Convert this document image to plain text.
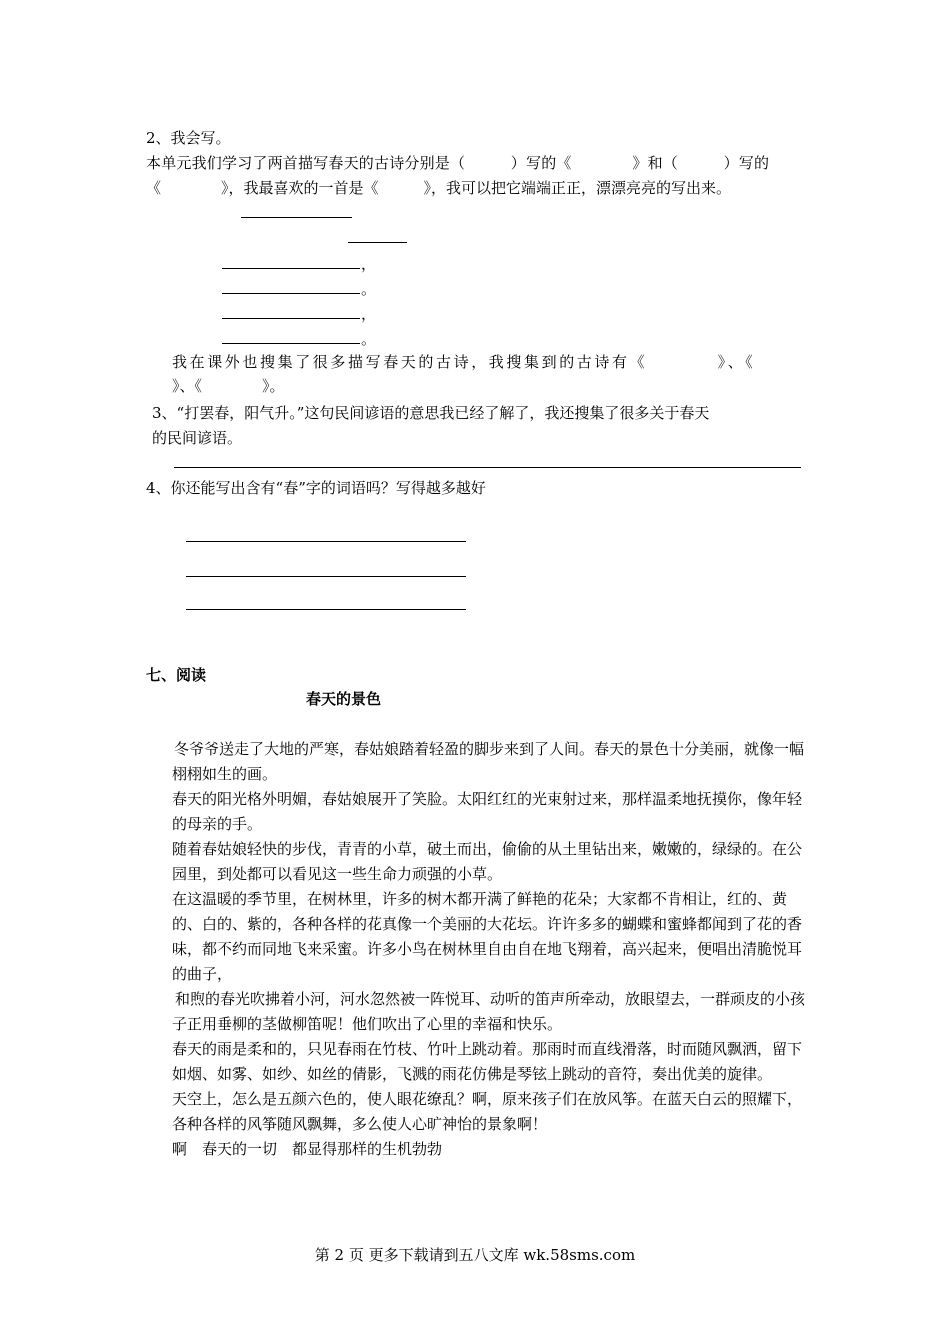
2、我会写。
本单元我们学习了两首描写春天的古诗分别是（　　　）写的《　　　　》和（　　　）写的
《　　　　》，我最喜欢的一首是《　　　》，我可以把它端端正正，漂漂亮亮的写出来。
，
。
，
。
我在课外也搜集了很多描写春天的古诗，我搜集到的古诗有《　　　　》、《
》、《　　　　》。
3、“打罢春，阳气升。”这句民间谚语的意思我已经了解了，我还搜集了很多关于春天
的民间谚语。
4、你还能写出含有“春”字的词语吗？写得越多越好
七、阅读
春天的景色

冬爷爷送走了大地的严寒，春姑娘踏着轻盈的脚步来到了人间。春天的景色十分美丽，就像一幅栩栩如生的画。

春天的阳光格外明媚，春姑娘展开了笑脸。太阳红红的光束射过来，那样温柔地抚摸你，像年轻的母亲的手。

随着春姑娘轻快的步伐，青青的小草，破土而出，偷偷的从土里钻出来，嫩嫩的，绿绿的。在公园里，到处都可以看见这一些生命力顽强的小草。

在这温暖的季节里，在树林里，许多的树木都开满了鲜艳的花朵；大家都不肯相让，红的、黄的、白的、紫的，各种各样的花真像一个美丽的大花坛。许许多多的蝴蝶和蜜蜂都闻到了花的香味，都不约而同地飞来采蜜。许多小鸟在树林里自由自在地飞翔着，高兴起来，便唱出清脆悦耳的曲子，

和煦的春光吹拂着小河，河水忽然被一阵悦耳、动听的笛声所牵动，放眼望去，一群顽皮的小孩子正用垂柳的茎做柳笛呢！他们吹出了心里的幸福和快乐。

春天的雨是柔和的，只见春雨在竹枝、竹叶上跳动着。那雨时而直线滑落，时而随风飘洒，留下如烟、如雾、如纱、如丝的倩影，飞溅的雨花仿佛是琴铉上跳动的音符，奏出优美的旋律。

天空上，怎么是五颜六色的，使人眼花缭乱？啊，原来孩子们在放风筝。在蓝天白云的照耀下，各种各样的风筝随风飘舞，多么使人心旷神怡的景象啊！

啊　春天的一切　都显得那样的生机勃勃

第 2 页 更多下载请到五八文库 wk.58sms.com
